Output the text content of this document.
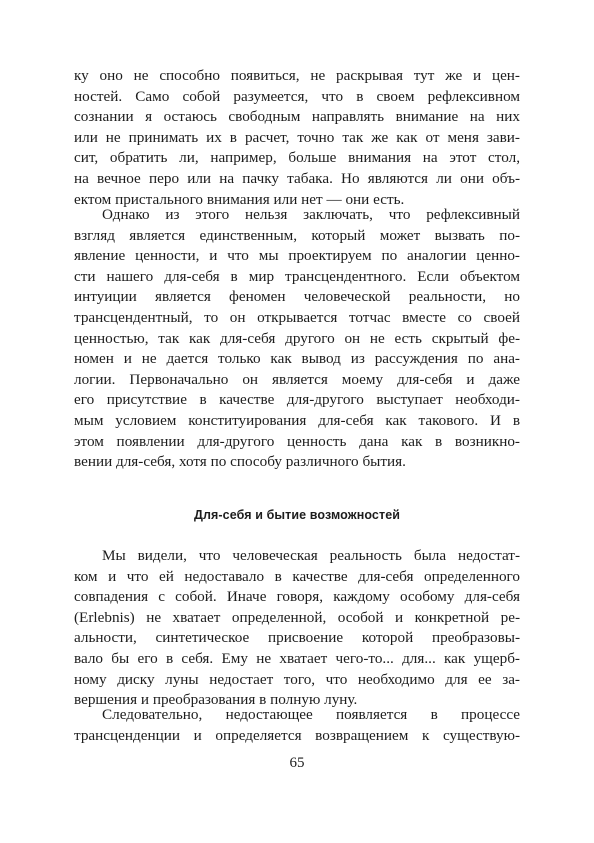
ку оно не способно появиться, не раскрывая тут же и цен-
ностей. Само собой разумеется, что в своем рефлексивном
сознании я остаюсь свободным направлять внимание на них
или не принимать их в расчет, точно так же как от меня зави-
сит, обратить ли, например, больше внимания на этот стол,
на вечное перо или на пачку табака. Но являются ли они объ-
ектом пристального внимания или нет — они есть.
Однако из этого нельзя заключать, что рефлексивный
взгляд является единственным, который может вызвать по-
явление ценности, и что мы проектируем по аналогии ценно-
сти нашего для-себя в мир трансцендентного. Если объектом
интуиции является феномен человеческой реальности, но
трансцендентный, то он открывается тотчас вместе со своей
ценностью, так как для-себя другого он не есть скрытый фе-
номен и не дается только как вывод из рассуждения по ана-
логии. Первоначально он является моему для-себя и даже
его присутствие в качестве для-другого выступает необходи-
мым условием конституирования для-себя как такового. И в
этом появлении для-другого ценность дана как в возникно-
вении для-себя, хотя по способу различного бытия.
Для-себя и бытие возможностей
Мы видели, что человеческая реальность была недостат-
ком и что ей недоставало в качестве для-себя определенного
совпадения с собой. Иначе говоря, каждому особому для-себя
(Erlebnis) не хватает определенной, особой и конкретной ре-
альности, синтетическое присвоение которой преобразовы-
вало бы его в себя. Ему не хватает чего-то... для... как ущерб-
ному диску луны недостает того, что необходимо для ее за-
вершения и преобразования в полную луну.
Следовательно, недостающее появляется в процессе
трансценденции и определяется возвращением к существую-
65
